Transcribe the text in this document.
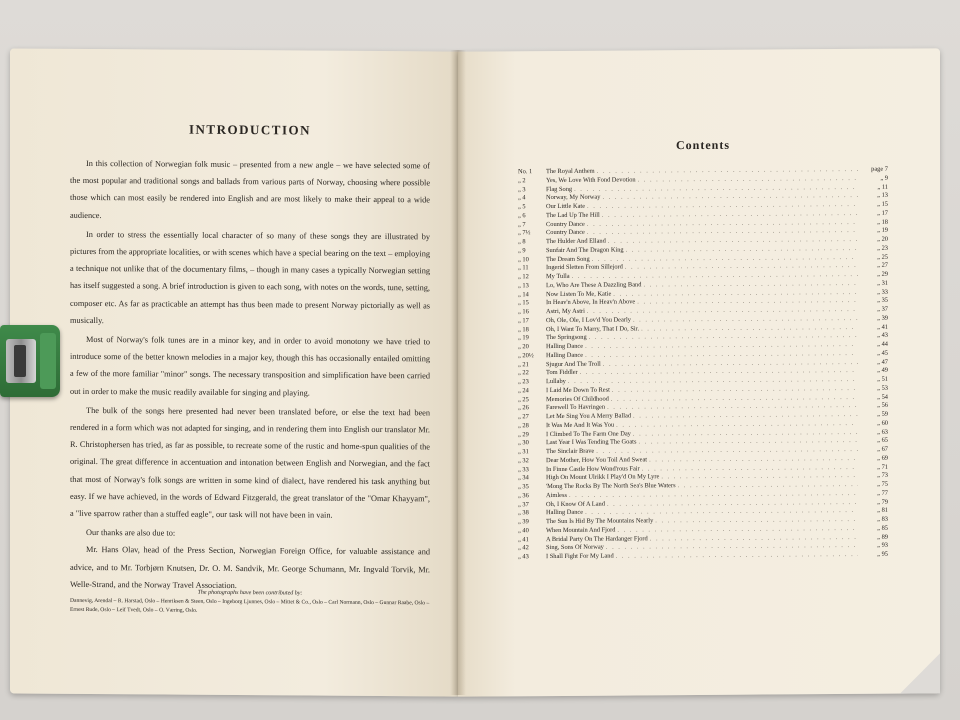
INTRODUCTION

In this collection of Norwegian folk music – presented from a new angle – we have selected some of the most popular and traditional songs and ballads from various parts of Norway, choosing where possible those which can most easily be rendered into English and are most likely to make their appeal to a wide audience.

In order to stress the essentially local character of so many of these songs they are illustrated by pictures from the appropriate localities, or with scenes which have a special bearing on the text – employing a technique not unlike that of the documentary films, – though in many cases a typically Norwegian setting has itself suggested a song. A brief introduction is given to each song, with notes on the words, tune, setting, composer etc. As far as practicable an attempt has thus been made to present Norway pictorially as well as musically.

Most of Norway's folk tunes are in a minor key, and in order to avoid monotony we have tried to introduce some of the better known melodies in a major key, though this has occasionally entailed omitting a few of the more familiar "minor" songs. The necessary transposition and simplification have been carried out in order to make the music readily available for singing and playing.

The bulk of the songs here presented had never been translated before, or else the text had been rendered in a form which was not adapted for singing, and in rendering them into English our translator Mr. R. Christophersen has tried, as far as possible, to recreate some of the rustic and home-spun qualities of the original. The great difference in accentuation and intonation between English and Norwegian, and the fact that most of Norway's folk songs are written in some kind of dialect, have rendered his task anything but easy. If we have achieved, in the words of Edward Fitzgerald, the great translator of the "Omar Khayyam", a "live sparrow rather than a stuffed eagle", our task will not have been in vain.

Our thanks are also due to:

Mr. Hans Olav, head of the Press Section, Norwegian Foreign Office, for valuable assistance and advice, and to Mr. Torbjørn Knutsen, Dr. O. M. Sandvik, Mr. George Schumann, Mr. Ingvald Torvik, Mr. Welle-Strand, and the Norway Travel Association.

The photographs have been contributed by:

Dannevig, Arendal – R. Harstad, Oslo – Henriksen & Steen, Oslo – Ingeborg Ljunnes, Oslo – Mittet & Co., Oslo – Carl Normann, Oslo – Gunnar Raabe, Oslo – Ernest Rude, Oslo – Leif Tvedt, Oslo – O. Væring, Oslo.

Contents
No. 1	The Royal Anthem . . .	page 7
„ 2	Yes, We Love With Fond Devotion . . .	„ 9
„ 3	Flag Song . . .	„ 11
„ 4	Norway, My Norway . . .	„ 13
„ 5	Our Little Kate . . .	„ 15
„ 6	The Lad Up The Hill . . .	„ 17
„ 7	Country Dance . . .	„ 18
„ 7½	Country Dance . . .	„ 19
„ 8	The Hulder And Elland . . .	„ 20
„ 9	Sunfair And The Dragon King . . .	„ 23
„ 10	The Dream Song . . .	„ 25
„ 11	Ingerid Sletten From Sillejord . . .	„ 27
„ 12	My Tulla . . .	„ 29
„ 13	Lo, Who Are These A Dazzling Band . . .	„ 31
„ 14	Now Listen To Me, Katie . . .	„ 33
„ 15	In Heav'n Above, In Heav'n Above . . .	„ 35
„ 16	Astri, My Astri . . .	„ 37
„ 17	Oh, Ole, Ole, I Lov'd You Dearly . . .	„ 39
„ 18	Oh, I Want To Marry, That I Do, Sir. . . .	„ 41
„ 19	The Springsong . . .	„ 43
„ 20	Halling Dance . . .	„ 44
„ 20½	Halling Dance . . .	„ 45
„ 21	Sjugur And The Troll . . .	„ 47
„ 22	Tom Fiddler . . .	„ 49
„ 23	Lullaby . . .	„ 51
„ 24	I Laid Me Down To Rest . . .	„ 53
„ 25	Memories Of Childhood . . .	„ 54
„ 26	Farewell To Havringen . . .	„ 56
„ 27	Let Me Sing You A Merry Ballad . . .	„ 59
„ 28	It Was Me And It Was You . . .	„ 60
„ 29	I Climbed To The Farm One Day . . .	„ 63
„ 30	Last Year I Was Tending The Goats . . .	„ 65
„ 31	The Sinclair Brave . . .	„ 67
„ 32	Dear Mother, How You Toil And Sweat . . .	„ 69
„ 33	In Finne Castle How Wond'rous Fair . . .	„ 71
„ 34	High On Mount Ulrikk I Play'd On My Lyre . . .	„ 73
„ 35	'Mong The Rocks By The North Sea's Blue Waters . . .	„ 75
„ 36	Aimless . . .	„ 77
„ 37	Oh, I Know Of A Land . . .	„ 79
„ 38	Halling Dance . . .	„ 81
„ 39	The Sun Is Hid By The Mountains Nearly . . .	„ 83
„ 40	When Mountain And Fjord . . .	„ 85
„ 41	A Bridal Party On The Hardanger Fjord . . .	„ 89
„ 42	Sing, Sons Of Norway . . .	„ 93
„ 43	I Shall Fight For My Land . . .	„ 95
